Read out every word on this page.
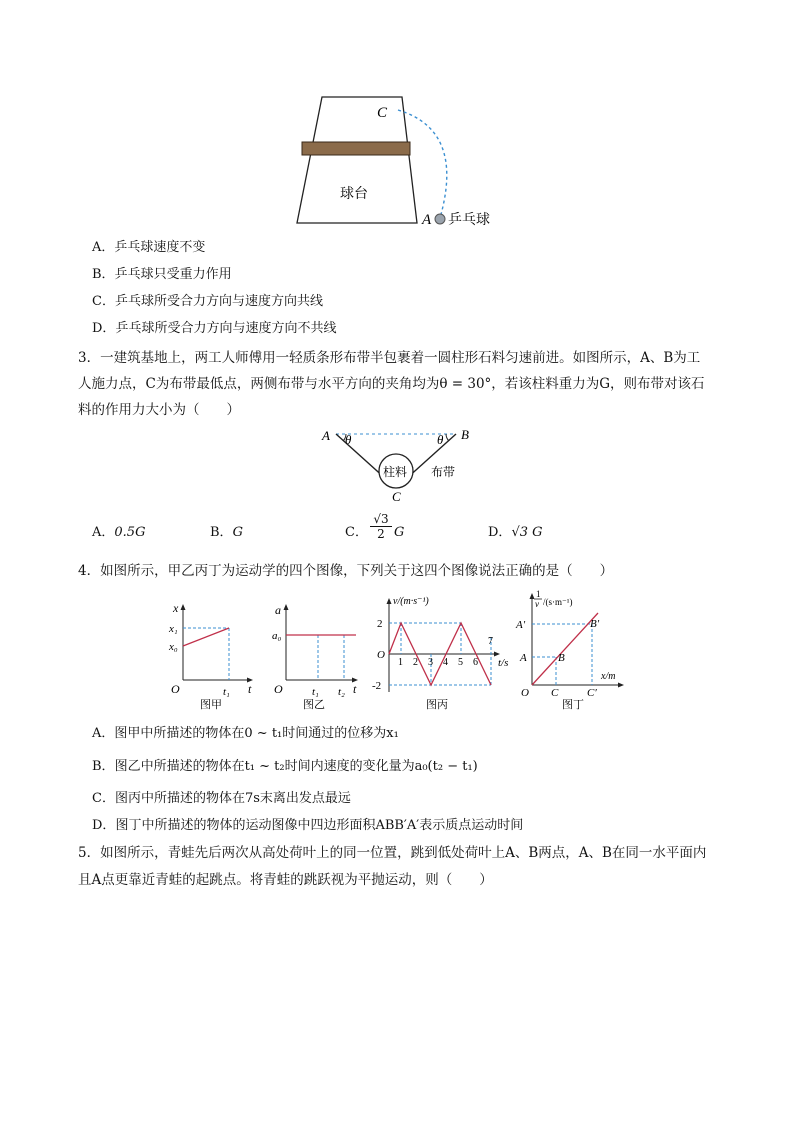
C
球台
A 乒乓球
A．乒乓球速度不变
B．乒乓球只受重力作用
C．乒乓球所受合力方向与速度方向共线
D．乒乓球所受合力方向与速度方向不共线
3．一建筑基地上，两工人师傅用一轻质条形布带半包裹着一圆柱形石料匀速前进。如图所示，A、B为工
人施力点，C为布带最低点，两侧布带与水平方向的夹角均为θ = 30°，若该柱料重力为G，则布带对该石
料的作用力大小为（　　）
A θ	θ B
柱料 布带
C
A．0.5G	B．G	C．
√3
2 G	D．√3 G
4．如图所示，甲乙丙丁为运动学的四个图像，下列关于这四个图像说法正确的是（　　）
x
x₁
x₀
O	t₁ t
图甲
a
a₀
O	t₁ t₂ t
图乙
v/(m·s⁻¹)
2
O
-2
1 2 3 4 5 6
7
t/s
图丙
1
v /(s·m⁻¹)
A′	B′
A	B
O C	C′
x/m
图丁
A．图甲中所描述的物体在0 ~ t₁时间通过的位移为x₁
B．图乙中所描述的物体在t₁ ~ t₂时间内速度的变化量为a₀(t₂ − t₁)
C．图丙中所描述的物体在7s末离出发点最远
D．图丁中所描述的物体的运动图像中四边形面积ABB′A′表示质点运动时间
5．如图所示，青蛙先后两次从高处荷叶上的同一位置，跳到低处荷叶上A、B两点，A、B在同一水平面内
且A点更靠近青蛙的起跳点。将青蛙的跳跃视为平抛运动，则（　　）
